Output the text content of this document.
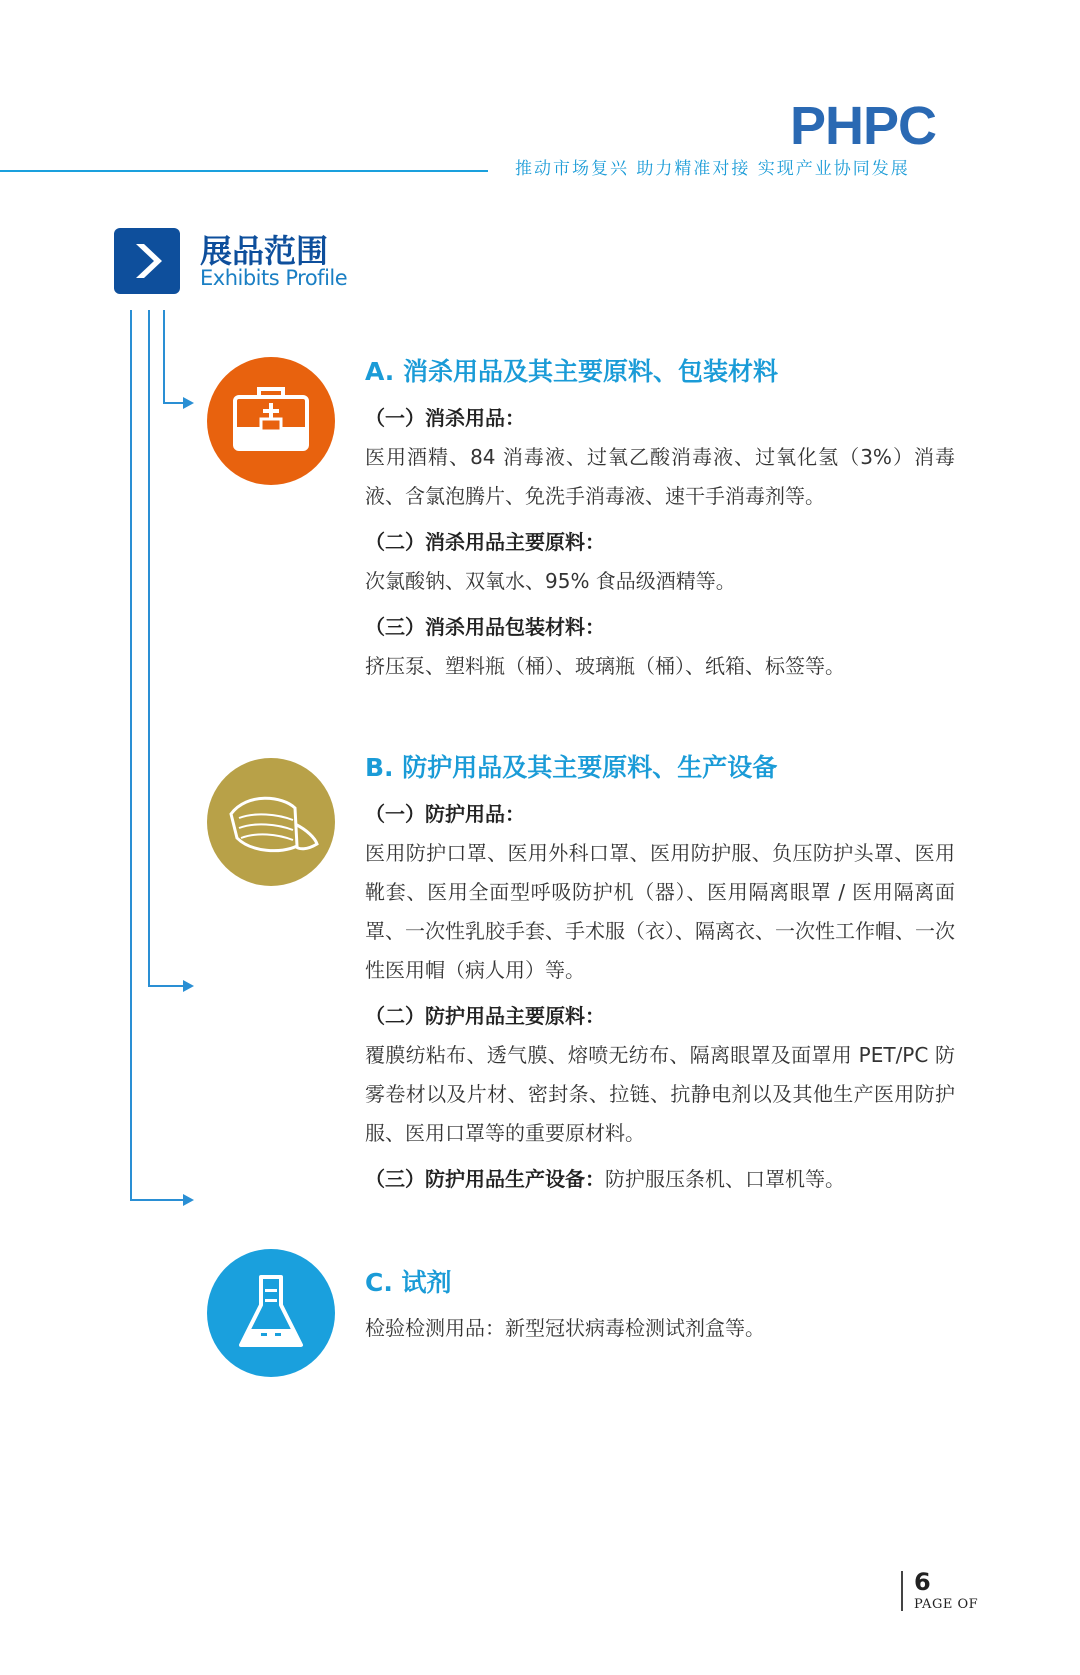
PHPC
推动市场复兴 助力精准对接 实现产业协同发展
展品范围
Exhibits Profile

A. 消杀用品及其主要原料、包装材料

（一）消杀用品：

医用酒精、84 消毒液、过氧乙酸消毒液、过氧化氢（3%）消毒液、含氯泡腾片、免洗手消毒液、速干手消毒剂等。

（二）消杀用品主要原料：

次氯酸钠、双氧水、95% 食品级酒精等。

（三）消杀用品包装材料：

挤压泵、塑料瓶（桶）、玻璃瓶（桶）、纸箱、标签等。

B. 防护用品及其主要原料、生产设备

（一）防护用品：

医用防护口罩、医用外科口罩、医用防护服、负压防护头罩、医用靴套、医用全面型呼吸防护机（器）、医用隔离眼罩 / 医用隔离面罩、一次性乳胶手套、手术服（衣）、隔离衣、一次性工作帽、一次性医用帽（病人用）等。

（二）防护用品主要原料：

覆膜纺粘布、透气膜、熔喷无纺布、隔离眼罩及面罩用 PET/PC 防雾卷材以及片材、密封条、拉链、抗静电剂以及其他生产医用防护服、医用口罩等的重要原材料。

（三）防护用品生产设备：防护服压条机、口罩机等。

C. 试剂

检验检测用品：新型冠状病毒检测试剂盒等。

6
PAGE OF
